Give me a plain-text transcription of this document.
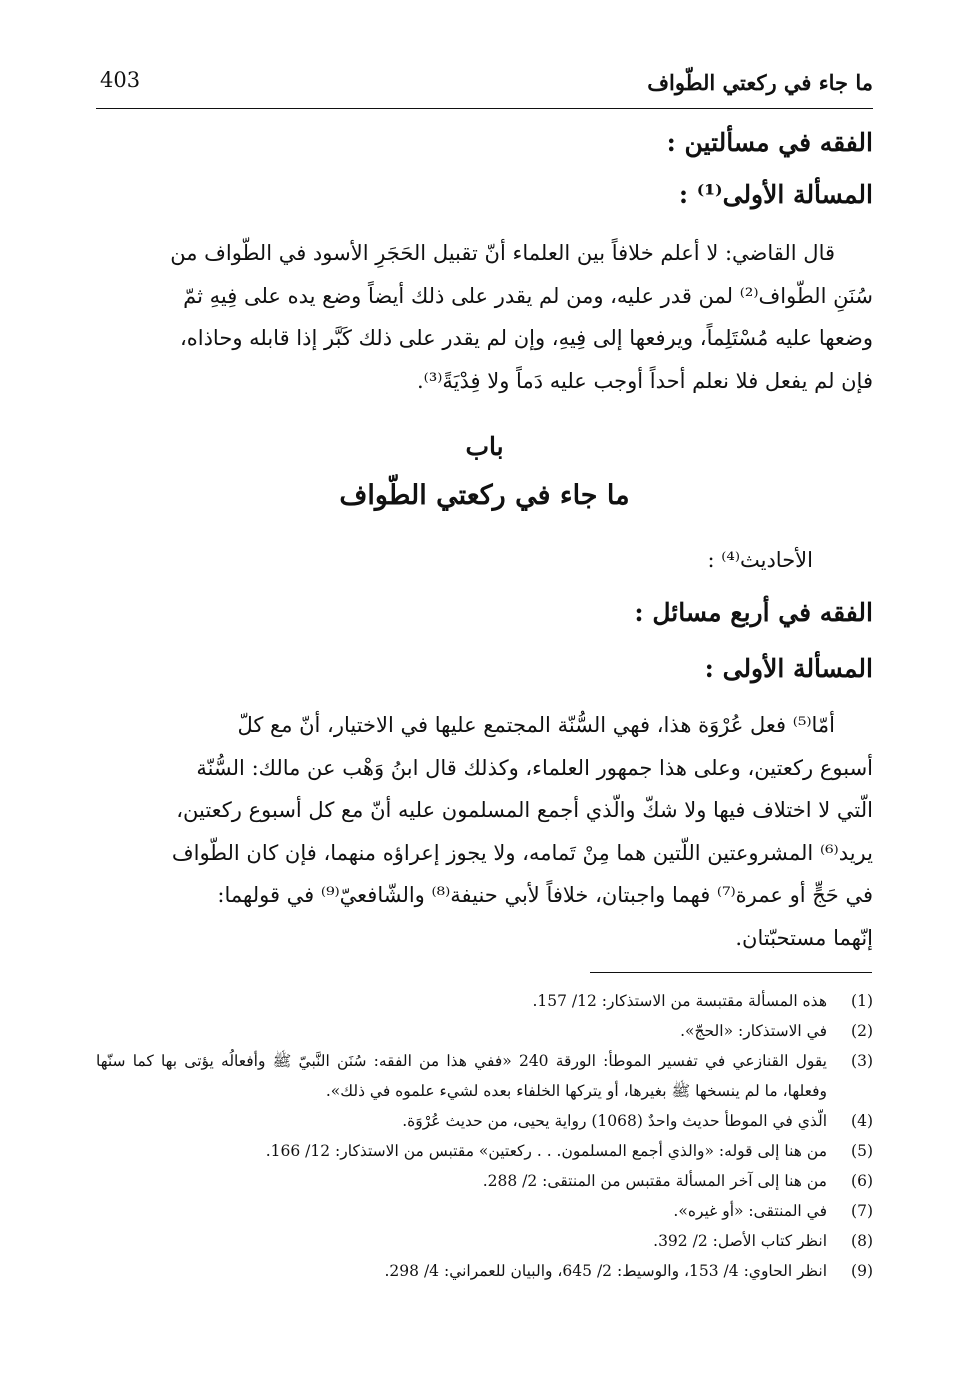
403	ما جاء في ركعتي الطّواف
الفقه في مسألتين :
المسألة الأولى⁽¹⁾ :

قال القاضي: لا أعلم خلافاً بين العلماء أنّ تقبيل الحَجَرِ الأسود في الطّواف من

سُنَنِ الطّواف⁽²⁾ لمن قدر عليه، ومن لم يقدر على ذلك أيضاً وضع يده على فِيهِ ثمّ

وضعها عليه مُسْتَلِماً، ويرفعها إلى فِيهِ، وإن لم يقدر على ذلك كَبَّر إذا قابله وحاذاه،

فإن لم يفعل فلا نعلم أحداً أوجب عليه دَماً ولا فِدْيَةً⁽³⁾.

باب
ما جاء في ركعتي الطّواف
الأحاديث⁽⁴⁾ :
الفقه في أربع مسائل :
المسألة الأولى :

أمّا⁽⁵⁾ فعل عُرْوَة هذا، فهي السُّنّة المجتمع عليها في الاختيار، أنّ مع كلّ

أسبوع ركعتين، وعلى هذا جمهور العلماء، وكذلك قال ابنُ وَهْب عن مالك: السُّنّة

الّتي لا اختلاف فيها ولا شكّ والّذي أجمع المسلمون عليه أنّ مع كل أسبوع ركعتين،

يريد⁽⁶⁾ المشروعتين اللّتين هما مِنْ تَمامه، ولا يجوز إعراؤه منهما، فإن كان الطّواف

في حَجٍّ أو عمرة⁽⁷⁾ فهما واجبتان، خلافاً لأبي حنيفة⁽⁸⁾ والشّافعيّ⁽⁹⁾ في قولهما:

إنّهما مستحبّتان.

(1)
هذه المسألة مقتبسة من الاستذكار: 12/ 157.
(2)
في الاستذكار: «الحجّ».
(3)
يقول القنازعي في تفسير الموطأ: الورقة 240 «ففي هذا من الفقه: سُنَن النَّبيّ ﷺ وأفعالُه يؤتى بها كما سنّها وفعلها، ما لم ينسخها ﷺ بغيرها، أو يتركها الخلفاء بعده لشيء علموه في ذلك».
(4)
الّذي في الموطأ حديث واحدٌ (1068) رواية يحيى، من حديث عُرْوَة.
(5)
من هنا إلى قوله: «والذي أجمع المسلمون. . . ركعتين» مقتبس من الاستذكار: 12/ 166.
(6)
من هنا إلى آخر المسألة مقتبس من المنتقى: 2/ 288.
(7)
في المنتقى: «أو غيره».
(8)
انظر كتاب الأصل: 2/ 392.
(9)
انظر الحاوي: 4/ 153، والوسيط: 2/ 645، والبيان للعمراني: 4/ 298.
